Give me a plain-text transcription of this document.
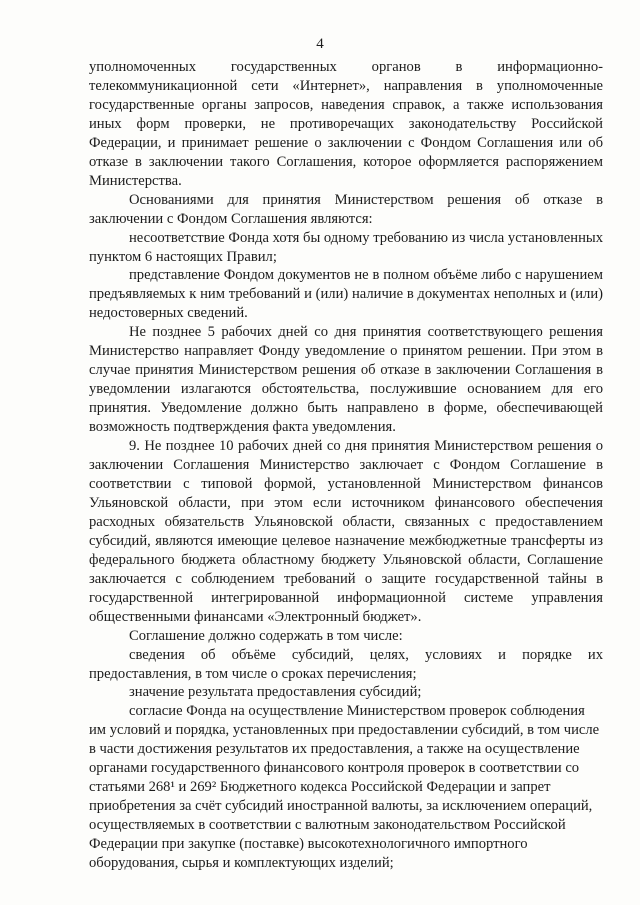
4

уполномоченных государственных органов в информационно-телекоммуникационной сети «Интернет», направления в уполномоченные государственные органы запросов, наведения справок, а также использования иных форм проверки, не противоречащих законодательству Российской Федерации, и принимает решение о заключении с Фондом Соглашения или об отказе в заключении такого Соглашения, которое оформляется распоряжением Министерства.

Основаниями для принятия Министерством решения об отказе в заключении с Фондом Соглашения являются:

несоответствие Фонда хотя бы одному требованию из числа установленных пунктом 6 настоящих Правил;

представление Фондом документов не в полном объёме либо с нарушением предъявляемых к ним требований и (или) наличие в документах неполных и (или) недостоверных сведений.

Не позднее 5 рабочих дней со дня принятия соответствующего решения Министерство направляет Фонду уведомление о принятом решении. При этом в случае принятия Министерством решения об отказе в заключении Соглашения в уведомлении излагаются обстоятельства, послужившие основанием для его принятия. Уведомление должно быть направлено в форме, обеспечивающей возможность подтверждения факта уведомления.

9. Не позднее 10 рабочих дней со дня принятия Министерством решения о заключении Соглашения Министерство заключает с Фондом Соглашение в соответствии с типовой формой, установленной Министерством финансов Ульяновской области, при этом если источником финансового обеспечения расходных обязательств Ульяновской области, связанных с предоставлением субсидий, являются имеющие целевое назначение межбюджетные трансферты из федерального бюджета областному бюджету Ульяновской области, Соглашение заключается с соблюдением требований о защите государственной тайны в государственной интегрированной информационной системе управления общественными финансами «Электронный бюджет».

Соглашение должно содержать в том числе:

сведения об объёме субсидий, целях, условиях и порядке их предоставления, в том числе о сроках перечисления;

значение результата предоставления субсидий;

согласие Фонда на осуществление Министерством проверок соблюдения им условий и порядка, установленных при предоставлении субсидий, в том числе в части достижения результатов их предоставления, а также на осуществление органами государственного финансового контроля проверок в соответствии со статьями 268¹ и 269² Бюджетного кодекса Российской Федерации и запрет приобретения за счёт субсидий иностранной валюты, за исключением операций, осуществляемых в соответствии с валютным законодательством Российской Федерации при закупке (поставке) высокотехнологичного импортного оборудования, сырья и комплектующих изделий;
